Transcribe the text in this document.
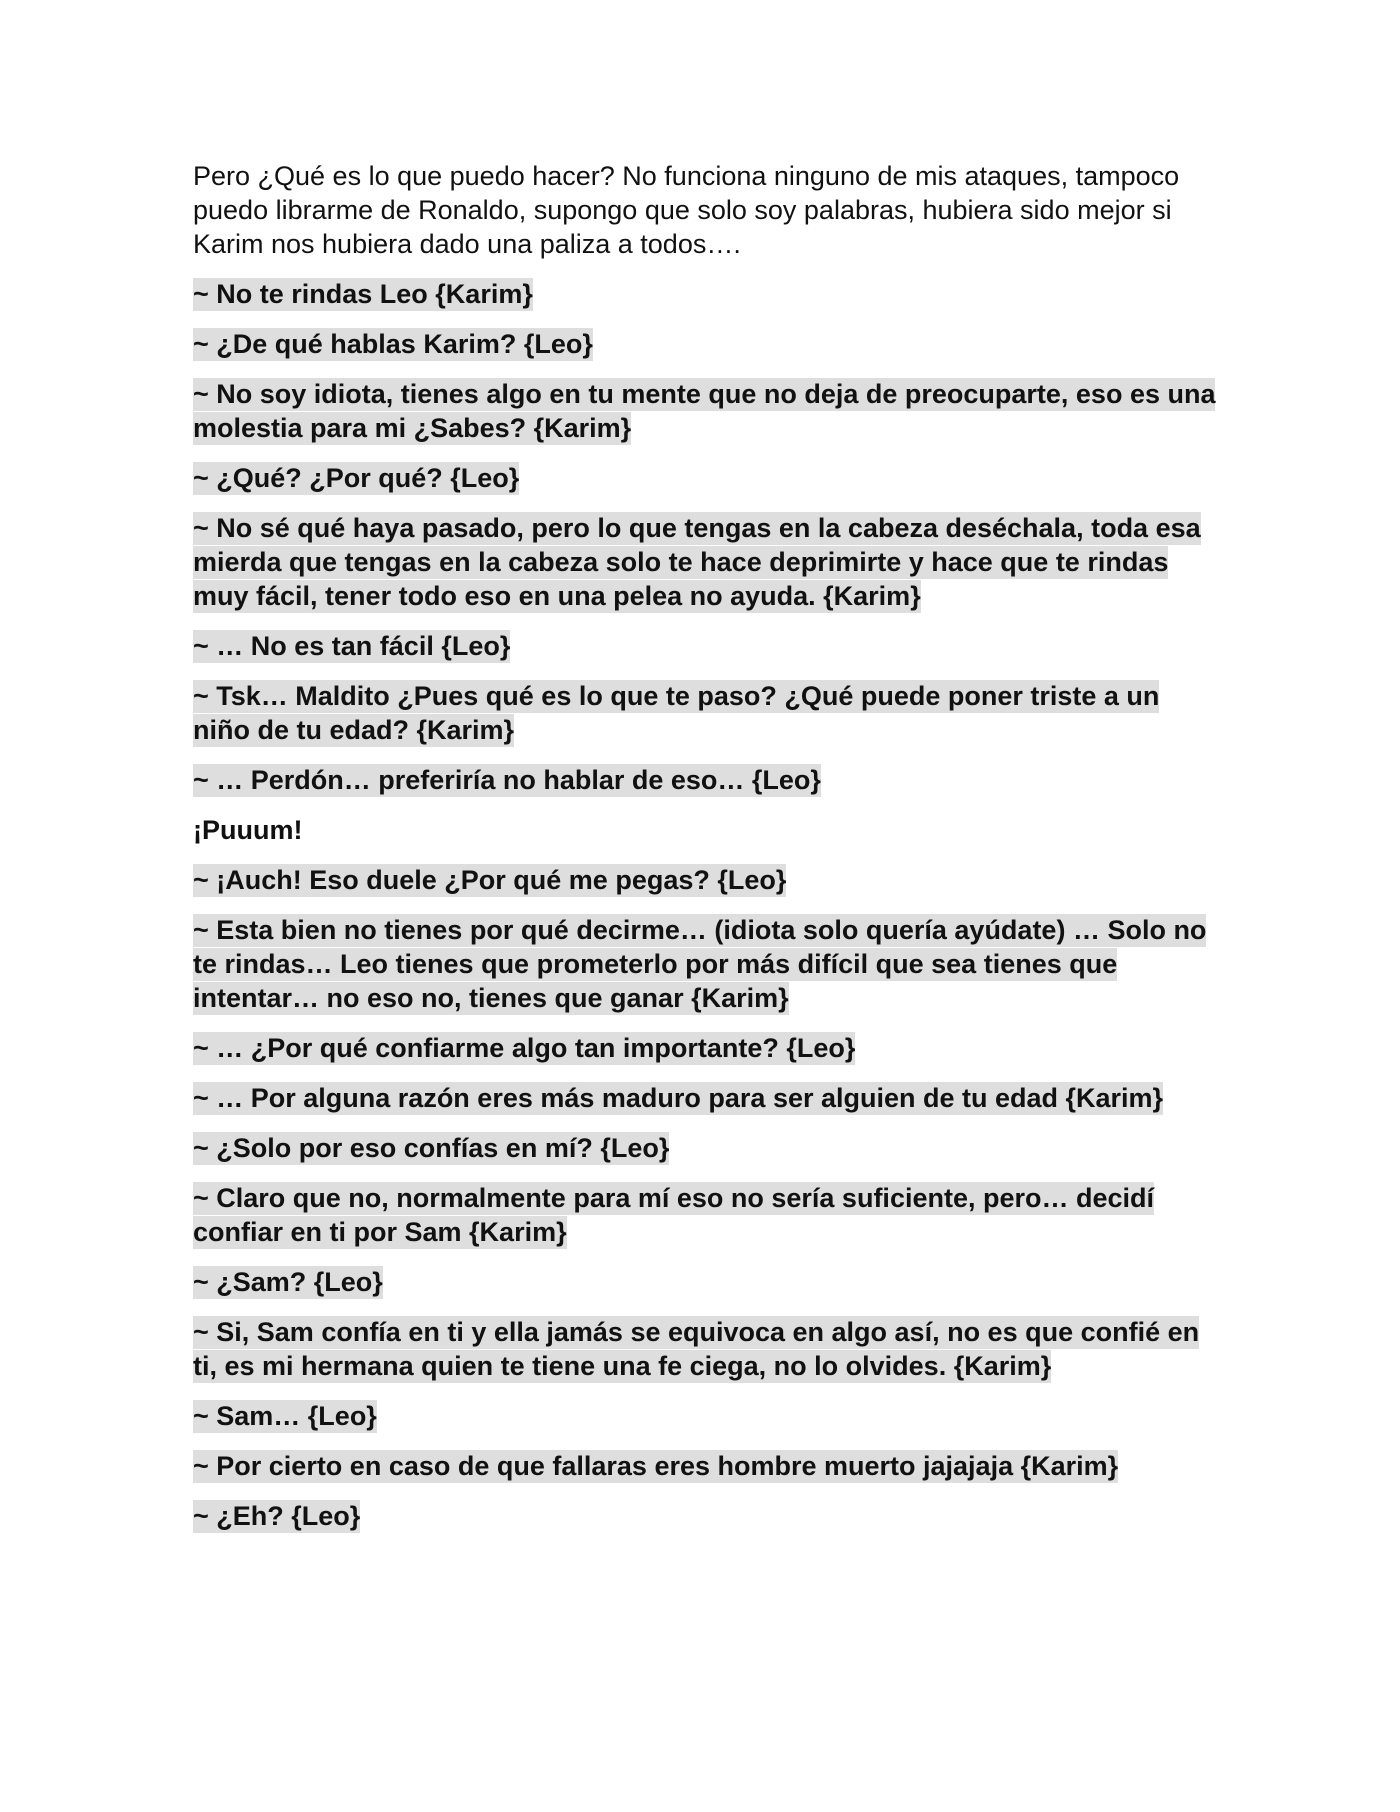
Pero ¿Qué es lo que puedo hacer? No funciona ninguno de mis ataques, tampoco puedo librarme de Ronaldo, supongo que solo soy palabras, hubiera sido mejor si Karim nos hubiera dado una paliza a todos….

~ No te rindas Leo {Karim}

~ ¿De qué hablas Karim? {Leo}

~ No soy idiota, tienes algo en tu mente que no deja de preocuparte, eso es una molestia para mi ¿Sabes? {Karim}

~ ¿Qué? ¿Por qué? {Leo}

~ No sé qué haya pasado, pero lo que tengas en la cabeza deséchala, toda esa mierda que tengas en la cabeza solo te hace deprimirte y hace que te rindas muy fácil, tener todo eso en una pelea no ayuda. {Karim}

~ … No es tan fácil {Leo}

~ Tsk… Maldito ¿Pues qué es lo que te paso? ¿Qué puede poner triste a un niño de tu edad? {Karim}

~ … Perdón… preferiría no hablar de eso… {Leo}

¡Puuum!

~ ¡Auch! Eso duele ¿Por qué me pegas? {Leo}

~ Esta bien no tienes por qué decirme… (idiota solo quería ayúdate) … Solo no te rindas… Leo tienes que prometerlo por más difícil que sea tienes que intentar… no eso no, tienes que ganar {Karim}

~ … ¿Por qué confiarme algo tan importante? {Leo}

~ … Por alguna razón eres más maduro para ser alguien de tu edad {Karim}

~ ¿Solo por eso confías en mí? {Leo}

~ Claro que no, normalmente para mí eso no sería suficiente, pero… decidí confiar en ti por Sam {Karim}

~ ¿Sam? {Leo}

~ Si, Sam confía en ti y ella jamás se equivoca en algo así, no es que confié en ti, es mi hermana quien te tiene una fe ciega, no lo olvides. {Karim}

~ Sam… {Leo}

~ Por cierto en caso de que fallaras eres hombre muerto jajajaja {Karim}

~ ¿Eh? {Leo}
